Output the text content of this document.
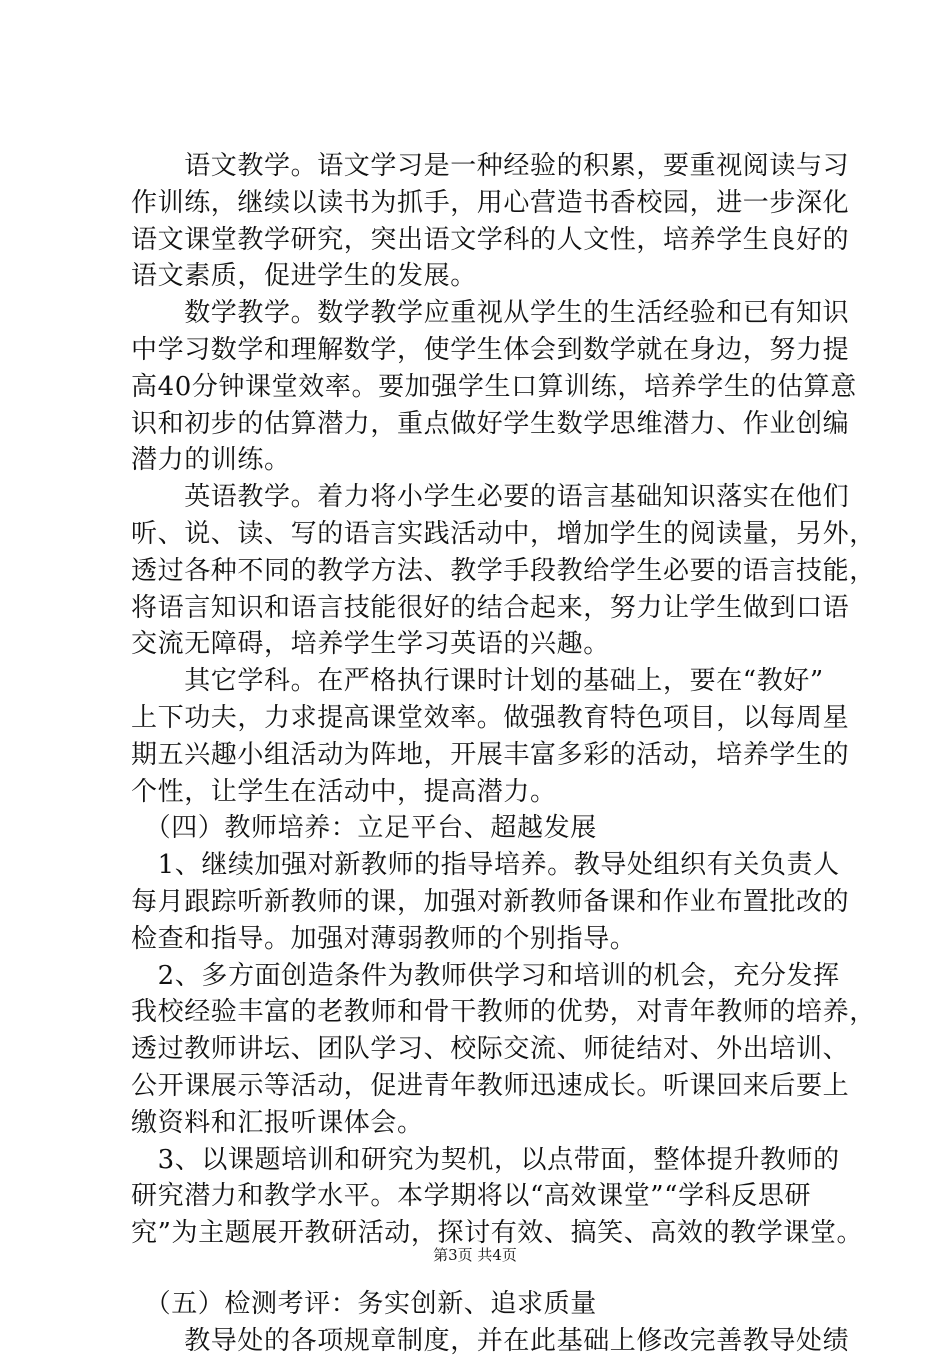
　　语文教学。语文学习是一种经验的积累，要重视阅读与习
作训练，继续以读书为抓手，用心营造书香校园，进一步深化
语文课堂教学研究，突出语文学科的人文性，培养学生良好的
语文素质，促进学生的发展。
　　数学教学。数学教学应重视从学生的生活经验和已有知识
中学习数学和理解数学，使学生体会到数学就在身边，努力提
高40分钟课堂效率。要加强学生口算训练，培养学生的估算意
识和初步的估算潜力，重点做好学生数学思维潜力、作业创编
潜力的训练。
　　英语教学。着力将小学生必要的语言基础知识落实在他们
听、说、读、写的语言实践活动中，增加学生的阅读量，另外，
透过各种不同的教学方法、教学手段教给学生必要的语言技能，
将语言知识和语言技能很好的结合起来，努力让学生做到口语
交流无障碍，培养学生学习英语的兴趣。
　　其它学科。在严格执行课时计划的基础上，要在“教好”
上下功夫，力求提高课堂效率。做强教育特色项目，以每周星
期五兴趣小组活动为阵地，开展丰富多彩的活动，培养学生的
个性，让学生在活动中，提高潜力。
　（四）教师培养：立足平台、超越发展
　1、继续加强对新教师的指导培养。教导处组织有关负责人
每月跟踪听新教师的课，加强对新教师备课和作业布置批改的
检查和指导。加强对薄弱教师的个别指导。
　2、多方面创造条件为教师供学习和培训的机会，充分发挥
我校经验丰富的老教师和骨干教师的优势，对青年教师的培养，
透过教师讲坛、团队学习、校际交流、师徒结对、外出培训、
公开课展示等活动，促进青年教师迅速成长。听课回来后要上
缴资料和汇报听课体会。
　3、以课题培训和研究为契机，以点带面，整体提升教师的
研究潜力和教学水平。本学期将以“高效课堂”“学科反思研
究”为主题展开教研活动，探讨有效、搞笑、高效的教学课堂。
　（五）检测考评：务实创新、追求质量
　　教导处的各项规章制度，并在此基础上修改完善教导处绩
第3页 共4页
